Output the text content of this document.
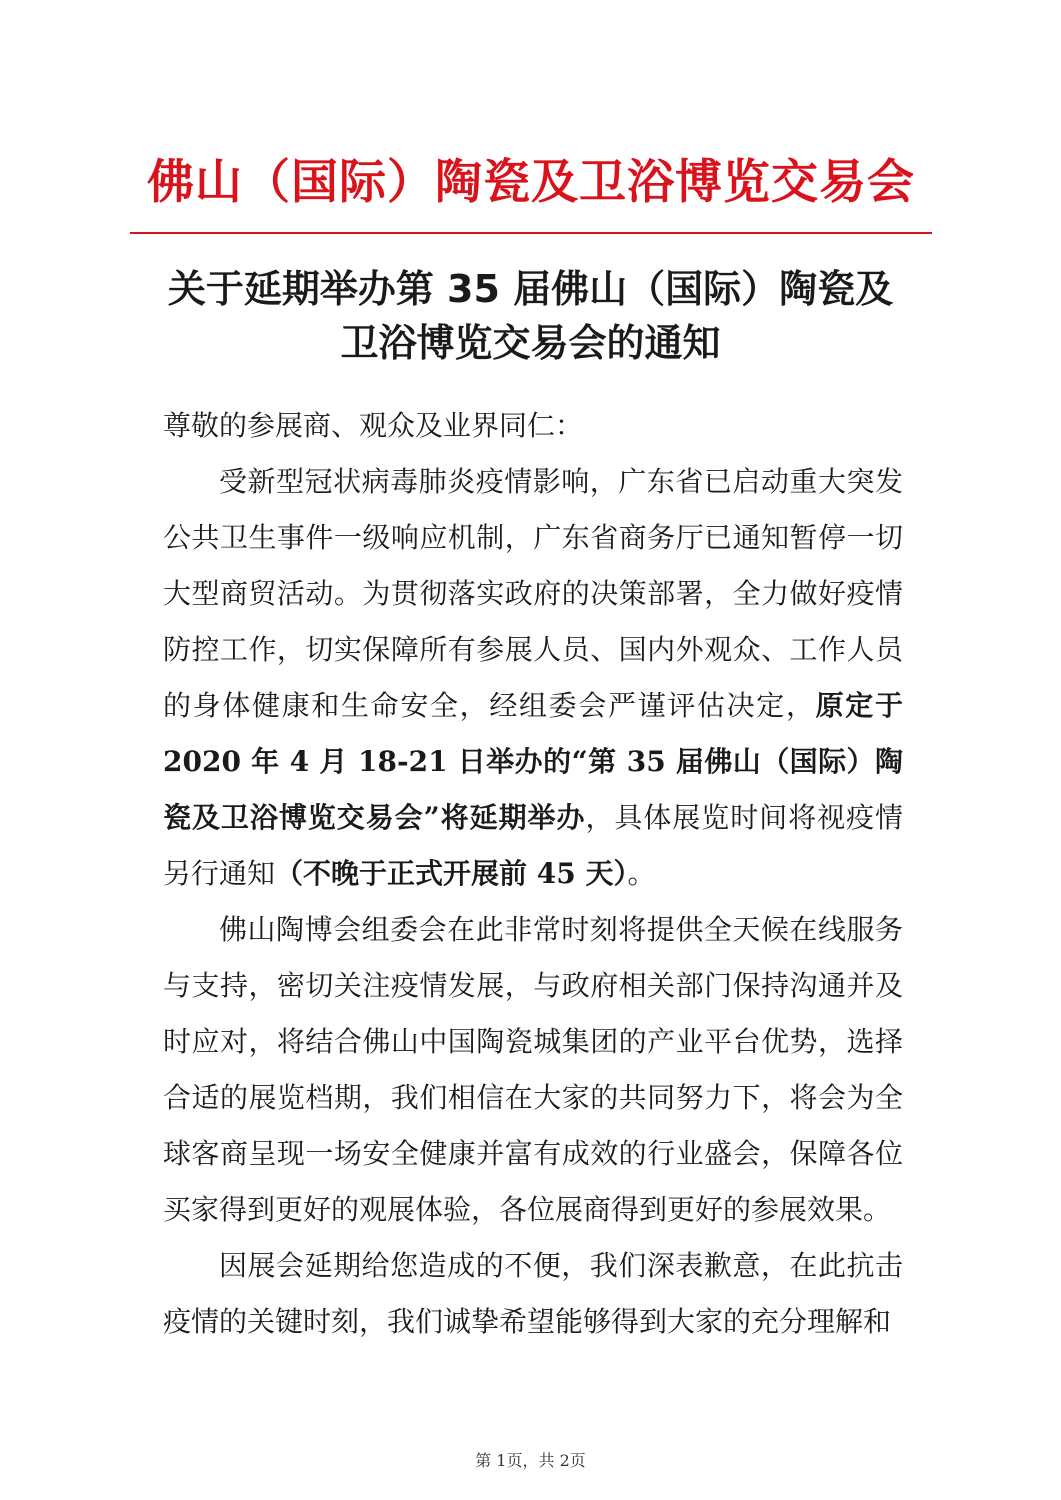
佛山（国际）陶瓷及卫浴博览交易会
关于延期举办第 35 届佛山（国际）陶瓷及
卫浴博览交易会的通知

尊敬的参展商、观众及业界同仁：

受新型冠状病毒肺炎疫情影响，广东省已启动重大突发公共卫生事件一级响应机制，广东省商务厅已通知暂停一切大型商贸活动。为贯彻落实政府的决策部署，全力做好疫情防控工作，切实保障所有参展人员、国内外观众、工作人员的身体健康和生命安全，经组委会严谨评估决定，原定于 2020 年 4 月 18-21 日举办的“第 35 届佛山（国际）陶瓷及卫浴博览交易会”将延期举办，具体展览时间将视疫情另行通知（不晚于正式开展前 45 天）。

佛山陶博会组委会在此非常时刻将提供全天候在线服务与支持，密切关注疫情发展，与政府相关部门保持沟通并及时应对，将结合佛山中国陶瓷城集团的产业平台优势，选择合适的展览档期，我们相信在大家的共同努力下，将会为全球客商呈现一场安全健康并富有成效的行业盛会，保障各位买家得到更好的观展体验，各位展商得到更好的参展效果。

因展会延期给您造成的不便，我们深表歉意，在此抗击疫情的关键时刻，我们诚挚希望能够得到大家的充分理解和

第 1页，共 2页
